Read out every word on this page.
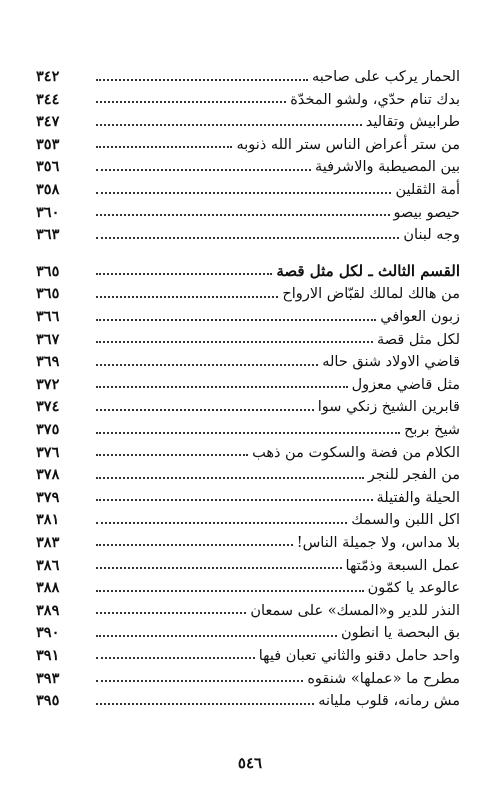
الحمار يركب على صاحبه
٣٤٢
بدك تنام حدّي، ولشو المخدّة
٣٤٤
طرابيش وتقاليد
٣٤٧
من ستر أعراض الناس ستر الله ذنوبه
٣٥٣
بين المصيطبة والاشرفية
٣٥٦
أمة الثقلين
٣٥٨
حيصو بيصو
٣٦٠
وجه لبنان
٣٦٣
القسم الثالث ـ لكل مثل قصة
٣٦٥
من هالك لمالك لقبّاض الارواح
٣٦٥
زبون العوافي
٣٦٦
لكل مثل قصة
٣٦٧
قاضي الاولاد شنق حاله
٣٦٩
مثل قاضي معزول
٣٧٢
قابرين الشيخ زنكي سوا
٣٧٤
شيخ بربح
٣٧٥
الكلام من فضة والسكوت من ذهب
٣٧٦
من الفجر للنجر
٣٧٨
الحيلة والفتيلة
٣٧٩
اكل اللبن والسمك
٣٨١
بلا مداس، ولا جميلة الناس!
٣٨٣
عمل السبعة وذمّتها
٣٨٦
عالوعد يا كمّون
٣٨٨
النذر للدير و«المسك» على سمعان
٣٨٩
بق البحصة يا انطون
٣٩٠
واحد حامل دقنو والثاني تعبان فيها
٣٩١
مطرح ما «عملها» شنقوه
٣٩٣
مش رمانه، قلوب مليانه
٣٩٥
٥٤٦
